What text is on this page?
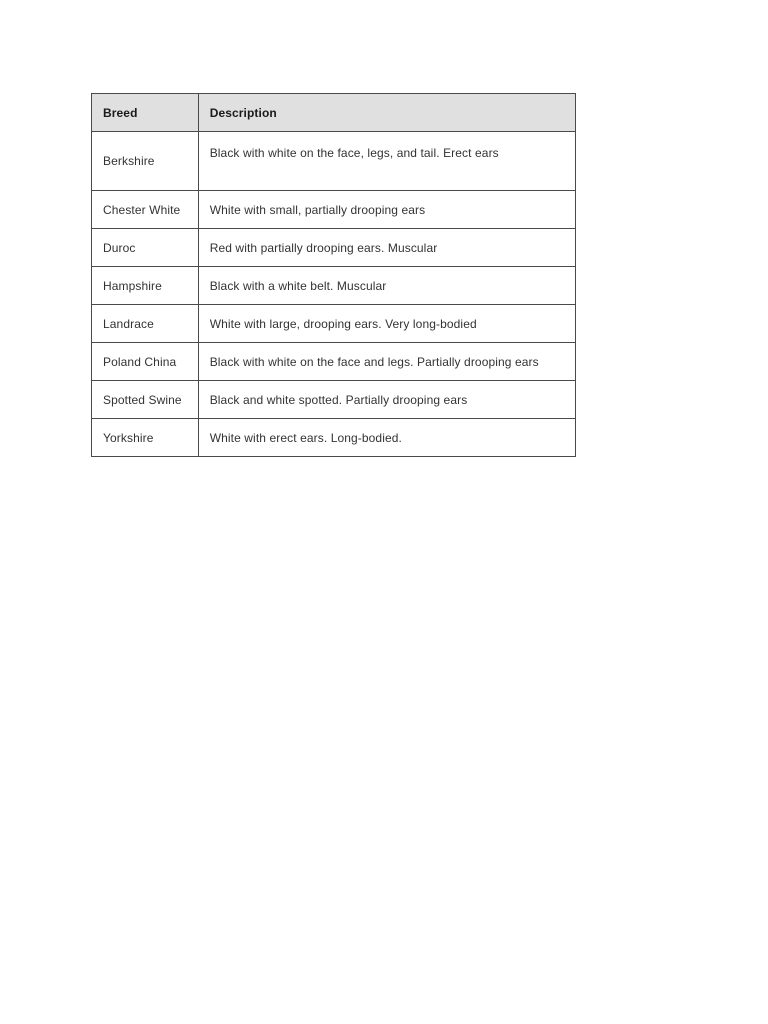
Breed	Description
Berkshire	Black with white on the face, legs, and tail. Erect ears
Chester White	White with small, partially drooping ears
Duroc	Red with partially drooping ears. Muscular
Hampshire	Black with a white belt. Muscular
Landrace	White with large, drooping ears. Very long-bodied
Poland China	Black with white on the face and legs. Partially drooping ears
Spotted Swine	Black and white spotted. Partially drooping ears
Yorkshire	White with erect ears. Long-bodied.
